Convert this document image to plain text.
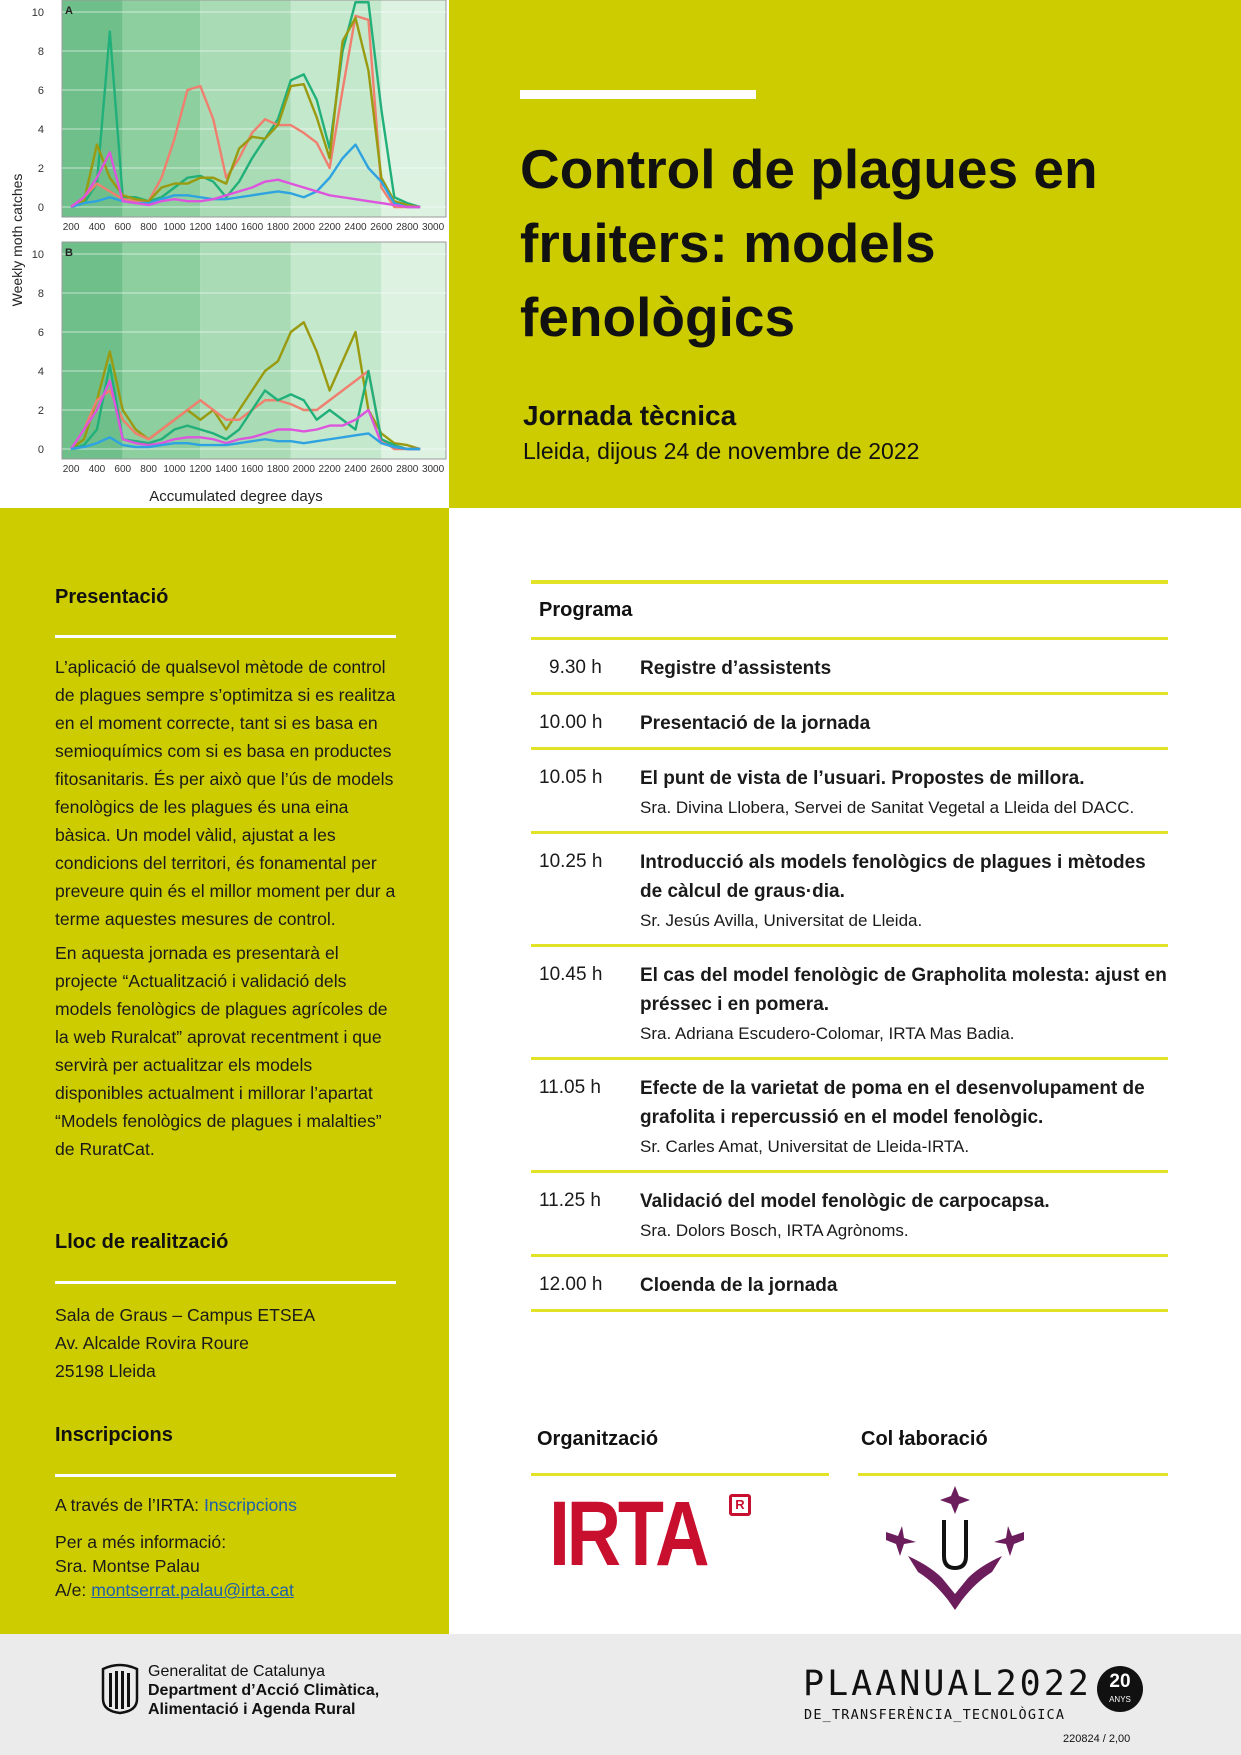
Weekly moth catches
Accumulated degree days
0
2
4
6
8
10
200 400 600 800 1000 1200 1400 1600 1800 2000 2200 2400 2600 2800 3000
A
0
2
4
6
8
10
200 400 600 800 1000 1200 1400 1600 1800 2000 2200 2400 2600 2800 3000
B
Control de plagues en fruiters: models fenològics
Jornada tècnica
Lleida, dijous 24 de novembre de 2022
Presentació

L’aplicació de qualsevol mètode de control de plagues sempre s’optimitza si es realitza en el moment correcte, tant si es basa en semioquímics com si es basa en productes fitosanitaris. És per això que l’ús de models fenològics de les plagues és una eina bàsica. Un model vàlid, ajustat a les condicions del territori, és fonamental per preveure quin és el millor moment per dur a terme aquestes mesures de control.

En aquesta jornada es presentarà el projecte “Actualització i validació dels models fenològics de plagues agrícoles de la web Ruralcat” aprovat recentment i que servirà per actualitzar els models disponibles actualment i millorar l’apartat “Models fenològics de plagues i malalties” de RuratCat.

Lloc de realització
Sala de Graus – Campus ETSEA
Av. Alcalde Rovira Roure
25198 Lleida
Inscripcions
A través de l’IRTA: Inscripcions
Per a més informació:
Sra. Montse Palau
A/e: montserrat.palau@irta.cat
Programa
9.30 h	Registre d’assistents
10.00 h	Presentació de la jornada
10.05 h	El punt de vista de l’usuari. Propostes de millora.
Sra. Divina Llobera, Servei de Sanitat Vegetal a Lleida del DACC.
10.25 h	Introducció als models fenològics de plagues i mètodes de càlcul de graus·dia.
Sr. Jesús Avilla, Universitat de Lleida.
10.45 h	El cas del model fenològic de Grapholita molesta: ajust en préssec i en pomera.
Sra. Adriana Escudero-Colomar, IRTA Mas Badia.
11.05 h	Efecte de la varietat de poma en el desenvolupament de grafolita i repercussió en el model fenològic.
Sr. Carles Amat, Universitat de Lleida-IRTA.
11.25 h	Validació del model fenològic de carpocapsa.
Sra. Dolors Bosch, IRTA Agrònoms.
12.00 h	Cloenda de la jornada
Organització	Col łaboració
IRTA	R
Generalitat de Catalunya
Department d’Acció Climàtica,
Alimentació i Agenda Rural
PLAANUAL2022
DE_TRANSFERÈNCIA_TECNOLÒGICA
20
ANYS
220824 / 2,00
